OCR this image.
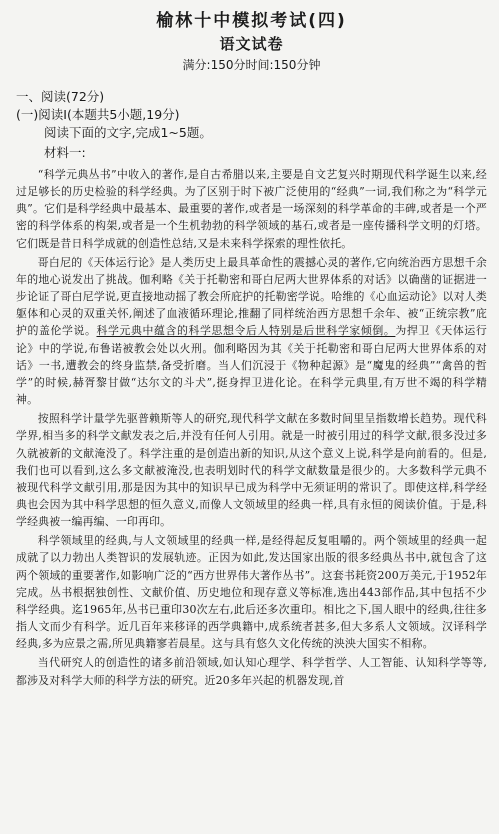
榆林十中模拟考试(四)
语文试卷
满分:150分时间:150分钟
一、阅读(72分)
(一)阅读Ⅰ(本题共5小题,19分)
阅读下面的文字,完成1~5题。
材料一:

“科学元典丛书”中收入的著作,是自古希腊以来,主要是自文艺复兴时期现代科学诞生以来,经过足够长的历史检验的科学经典。为了区别于时下被广泛使用的“经典”一词,我们称之为“科学元典”。它们是科学经典中最基本、最重要的著作,或者是一场深刻的科学革命的丰碑,或者是一个严密的科学体系的构架,或者是一个生机勃勃的科学领域的基石,或者是一座传播科学文明的灯塔。它们既是昔日科学成就的创造性总结,又是未来科学探索的理性依托。

哥白尼的《天体运行论》是人类历史上最具革命性的震撼心灵的著作,它向统治西方思想千余年的地心说发出了挑战。伽利略《关于托勒密和哥白尼两大世界体系的对话》以确凿的证据进一步论证了哥白尼学说,更直接地动摇了教会所庇护的托勒密学说。哈维的《心血运动论》以对人类躯体和心灵的双重关怀,阐述了血液循环理论,推翻了同样统治西方思想千余年、被“正统宗教”庇护的盖伦学说。科学元典中蕴含的科学思想令后人特别是后世科学家倾倒。为捍卫《天体运行论》中的学说,布鲁诺被教会处以火刑。伽利略因为其《关于托勒密和哥白尼两大世界体系的对话》一书,遭教会的终身监禁,备受折磨。当人们沉浸于《物种起源》是“魔鬼的经典”“禽兽的哲学”的时候,赫胥黎甘做“达尔文的斗犬”,挺身捍卫进化论。在科学元典里,有万世不竭的科学精神。

按照科学计量学先驱普赖斯等人的研究,现代科学文献在多数时间里呈指数增长趋势。现代科学界,相当多的科学文献发表之后,并没有任何人引用。就是一时被引用过的科学文献,很多没过多久就被新的文献淹没了。科学注重的是创造出新的知识,从这个意义上说,科学是向前看的。但是,我们也可以看到,这么多文献被淹没,也表明划时代的科学文献数量是很少的。大多数科学元典不被现代科学文献引用,那是因为其中的知识早已成为科学中无须证明的常识了。即使这样,科学经典也会因为其中科学思想的恒久意义,而像人文领域里的经典一样,具有永恒的阅读价值。于是,科学经典被一编再编、一印再印。

科学领域里的经典,与人文领域里的经典一样,是经得起反复咀嚼的。两个领域里的经典一起成就了以力勃出人类智识的发展轨迹。正因为如此,发达国家出版的很多经典丛书中,就包含了这两个领域的重要著作,如影响广泛的“西方世界伟大著作丛书”。这套书耗资200万美元,于1952年完成。丛书根据独创性、文献价值、历史地位和现存意义等标准,选出443部作品,其中包括不少科学经典。迄1965年,丛书已重印30次左右,此后还多次重印。相比之下,国人眼中的经典,往往多指人文而少有科学。近几百年来移译的西学典籍中,成系统者甚多,但大多系人文领域。汉译科学经典,多为应景之需,所见典籍寥若晨星。这与具有悠久文化传统的泱泱大国实不相称。

当代研究人的创造性的诸多前沿领域,如认知心理学、科学哲学、人工智能、认知科学等等,都涉及对科学大师的科学方法的研究。近20多年兴起的机器发现,首
